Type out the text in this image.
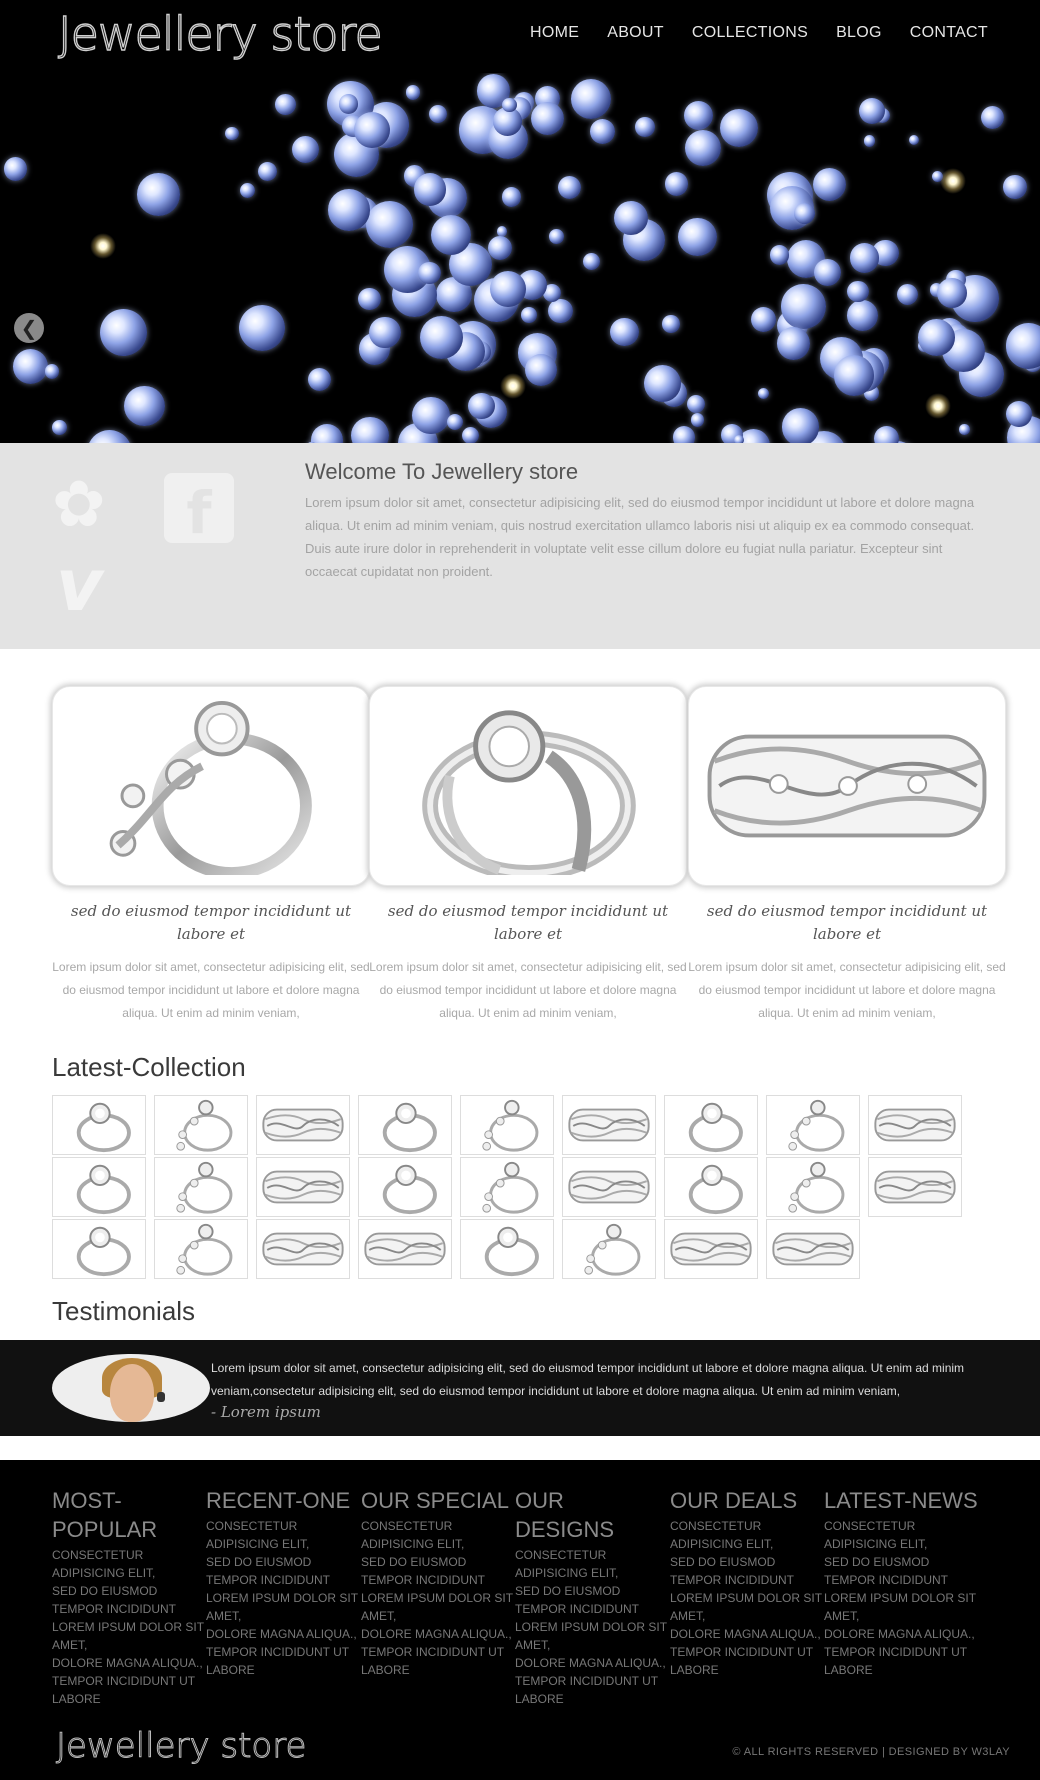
Jewellery store	HOME ABOUT COLLECTIONS BLOG CONTACT
❮
✿	f
v
Welcome To Jewellery store
Lorem ipsum dolor sit amet, consectetur adipisicing elit, sed do eiusmod tempor incididunt ut labore et dolore magna aliqua. Ut enim ad minim veniam, quis nostrud exercitation ullamco laboris nisi ut aliquip ex ea commodo consequat. Duis aute irure dolor in reprehenderit in voluptate velit esse cillum dolore eu fugiat nulla pariatur. Excepteur sint occaecat cupidatat non proident.
sed do eiusmod tempor incididunt ut labore et
Lorem ipsum dolor sit amet, consectetur adipisicing elit, sed do eiusmod tempor incididunt ut labore et dolore magna aliqua. Ut enim ad minim veniam,
sed do eiusmod tempor incididunt ut labore et
Lorem ipsum dolor sit amet, consectetur adipisicing elit, sed do eiusmod tempor incididunt ut labore et dolore magna aliqua. Ut enim ad minim veniam,
sed do eiusmod tempor incididunt ut labore et
Lorem ipsum dolor sit amet, consectetur adipisicing elit, sed do eiusmod tempor incididunt ut labore et dolore magna aliqua. Ut enim ad minim veniam,
Latest-Collection
Testimonials
Lorem ipsum dolor sit amet, consectetur adipisicing elit, sed do eiusmod tempor incididunt ut labore et dolore magna aliqua. Ut enim ad minim veniam,consectetur adipisicing elit, sed do eiusmod tempor incididunt ut labore et dolore magna aliqua. Ut enim ad minim veniam,
- Lorem ipsum
MOST-POPULAR
CONSECTETUR ADIPISICING ELIT,
SED DO EIUSMOD TEMPOR INCIDIDUNT
LOREM IPSUM DOLOR SIT AMET,
DOLORE MAGNA ALIQUA.,
TEMPOR INCIDIDUNT UT LABORE
RECENT-ONE
CONSECTETUR ADIPISICING ELIT,
SED DO EIUSMOD TEMPOR INCIDIDUNT
LOREM IPSUM DOLOR SIT AMET,
DOLORE MAGNA ALIQUA.,
TEMPOR INCIDIDUNT UT LABORE
OUR SPECIAL
CONSECTETUR ADIPISICING ELIT,
SED DO EIUSMOD TEMPOR INCIDIDUNT
LOREM IPSUM DOLOR SIT AMET,
DOLORE MAGNA ALIQUA.,
TEMPOR INCIDIDUNT UT LABORE
OUR DESIGNS
CONSECTETUR ADIPISICING ELIT,
SED DO EIUSMOD TEMPOR INCIDIDUNT
LOREM IPSUM DOLOR SIT AMET,
DOLORE MAGNA ALIQUA.,
TEMPOR INCIDIDUNT UT LABORE
OUR DEALS
CONSECTETUR ADIPISICING ELIT,
SED DO EIUSMOD TEMPOR INCIDIDUNT
LOREM IPSUM DOLOR SIT AMET,
DOLORE MAGNA ALIQUA.,
TEMPOR INCIDIDUNT UT LABORE
LATEST-NEWS
CONSECTETUR ADIPISICING ELIT,
SED DO EIUSMOD TEMPOR INCIDIDUNT
LOREM IPSUM DOLOR SIT AMET,
DOLORE MAGNA ALIQUA.,
TEMPOR INCIDIDUNT UT LABORE
Jewellery store	© ALL RIGHTS RESERVED | DESIGNED BY W3LAY
